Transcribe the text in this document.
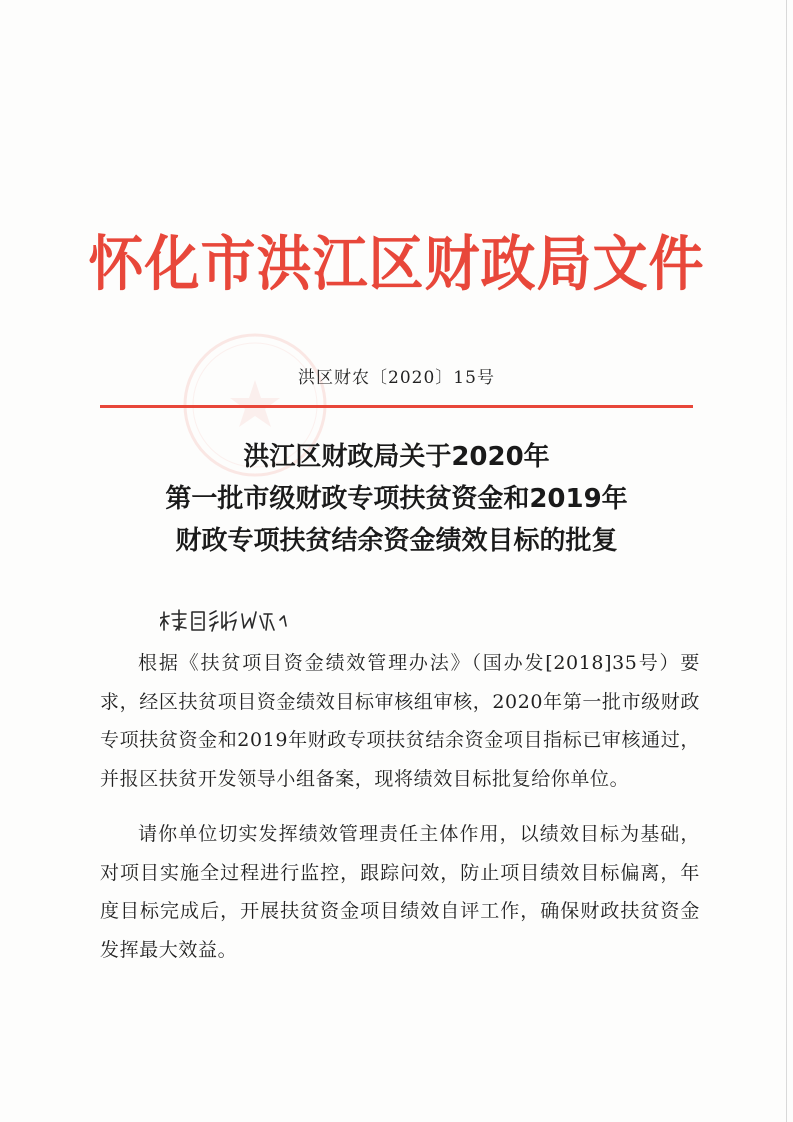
怀化市洪江区财政局文件
洪区财农〔2020〕15号
洪江区财政局关于2020年
第一批市级财政专项扶贫资金和2019年
财政专项扶贫结余资金绩效目标的批复

根据《扶贫项目资金绩效管理办法》（国办发[2018]35号）要求，经区扶贫项目资金绩效目标审核组审核，2020年第一批市级财政专项扶贫资金和2019年财政专项扶贫结余资金项目指标已审核通过，并报区扶贫开发领导小组备案，现将绩效目标批复给你单位。

请你单位切实发挥绩效管理责任主体作用，以绩效目标为基础，对项目实施全过程进行监控，跟踪问效，防止项目绩效目标偏离，年度目标完成后，开展扶贫资金项目绩效自评工作，确保财政扶贫资金发挥最大效益。
